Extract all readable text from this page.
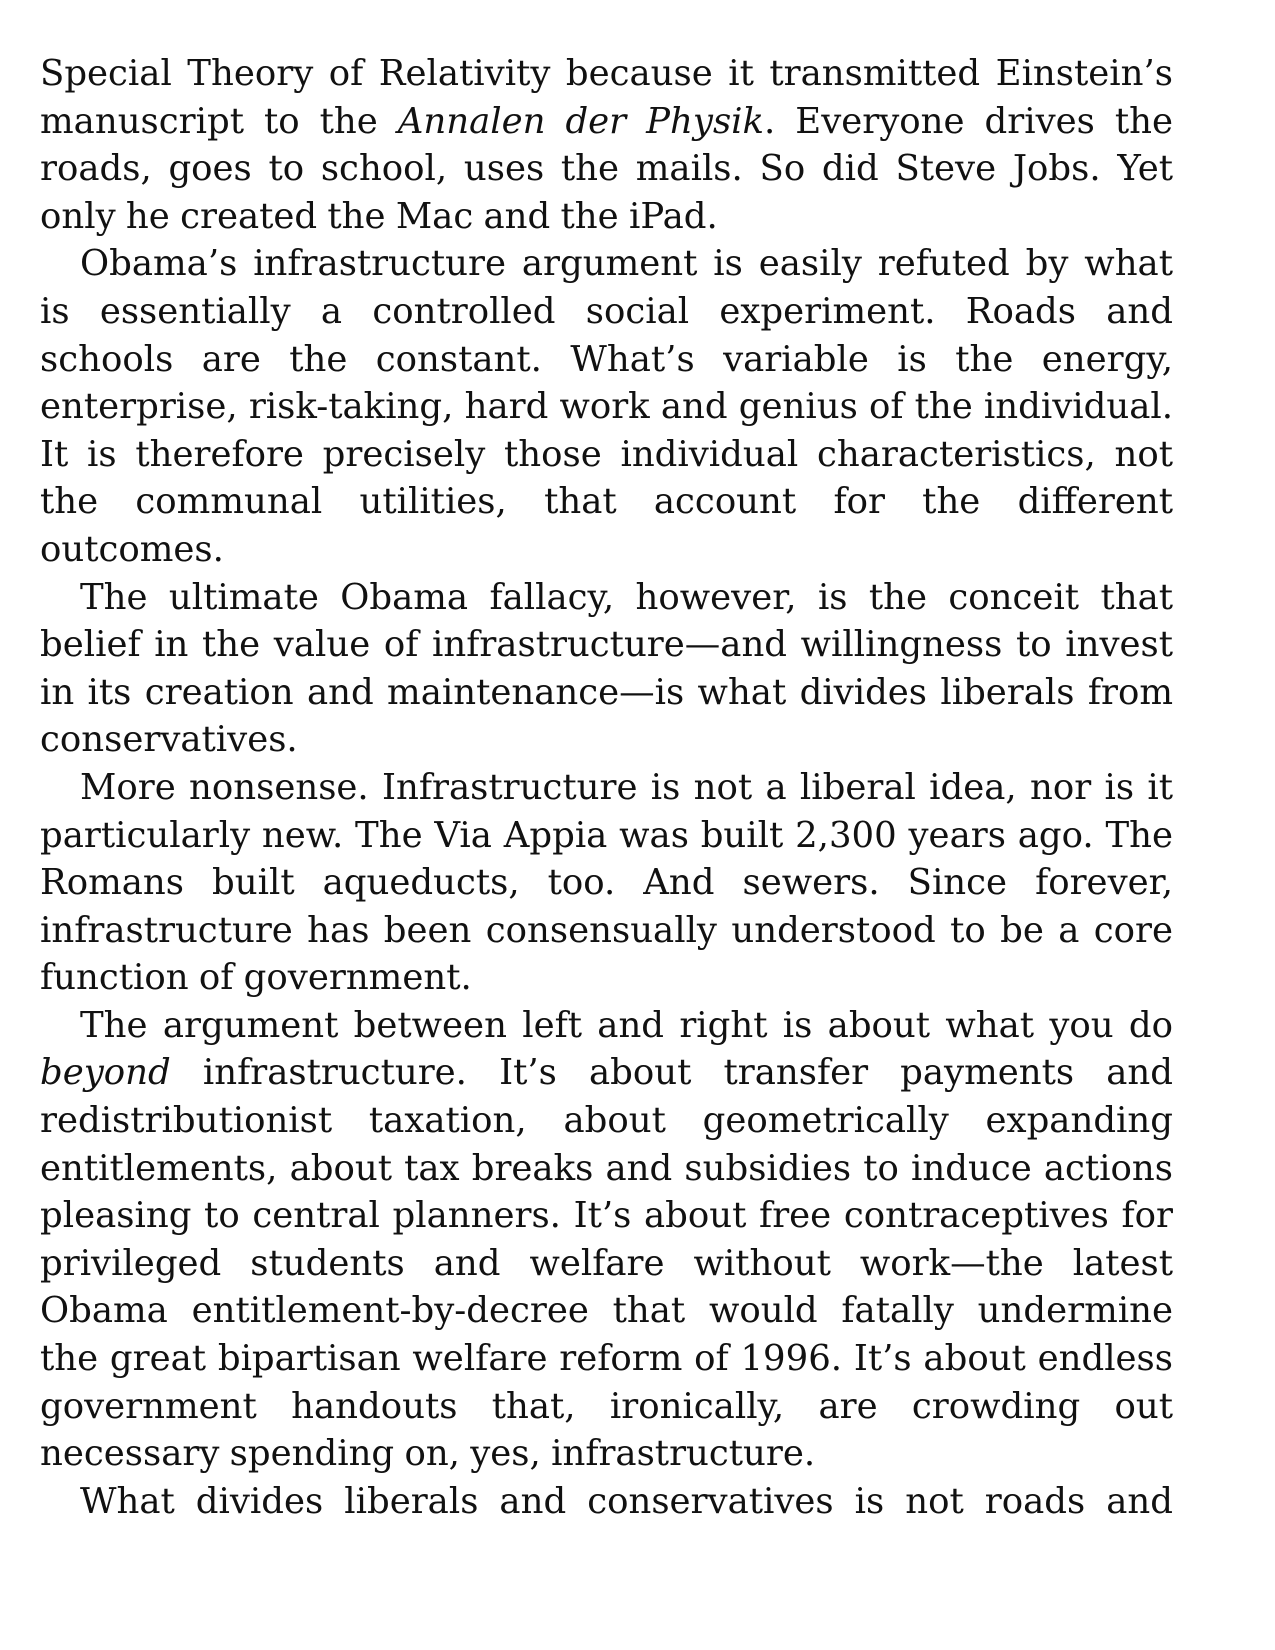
Special Theory of Relativity because it transmitted Einstein’s manuscript to the Annalen der Physik. Everyone drives the roads, goes to school, uses the mails. So did Steve Jobs. Yet only he created the Mac and the iPad.

Obama’s infrastructure argument is easily refuted by what is essentially a controlled social experiment. Roads and schools are the constant. What’s variable is the energy, enterprise, risk-taking, hard work and genius of the individual. It is therefore precisely those individual characteristics, not the communal utilities, that account for the different outcomes.

The ultimate Obama fallacy, however, is the conceit that belief in the value of infrastructure—and willingness to invest in its creation and maintenance—is what divides liberals from conservatives.

More nonsense. Infrastructure is not a liberal idea, nor is it particularly new. The Via Appia was built 2,300 years ago. The Romans built aqueducts, too. And sewers. Since forever, infrastructure has been consensually understood to be a core function of government.

The argument between left and right is about what you do beyond infrastructure. It’s about transfer payments and redistributionist taxation, about geometrically expanding entitlements, about tax breaks and subsidies to induce actions pleasing to central planners. It’s about free contraceptives for privileged students and welfare without work—the latest Obama entitlement-by-decree that would fatally undermine the great bipartisan welfare reform of 1996. It’s about endless government handouts that, ironically, are crowding out necessary spending on, yes, infrastructure.

What divides liberals and conservatives is not roads and
